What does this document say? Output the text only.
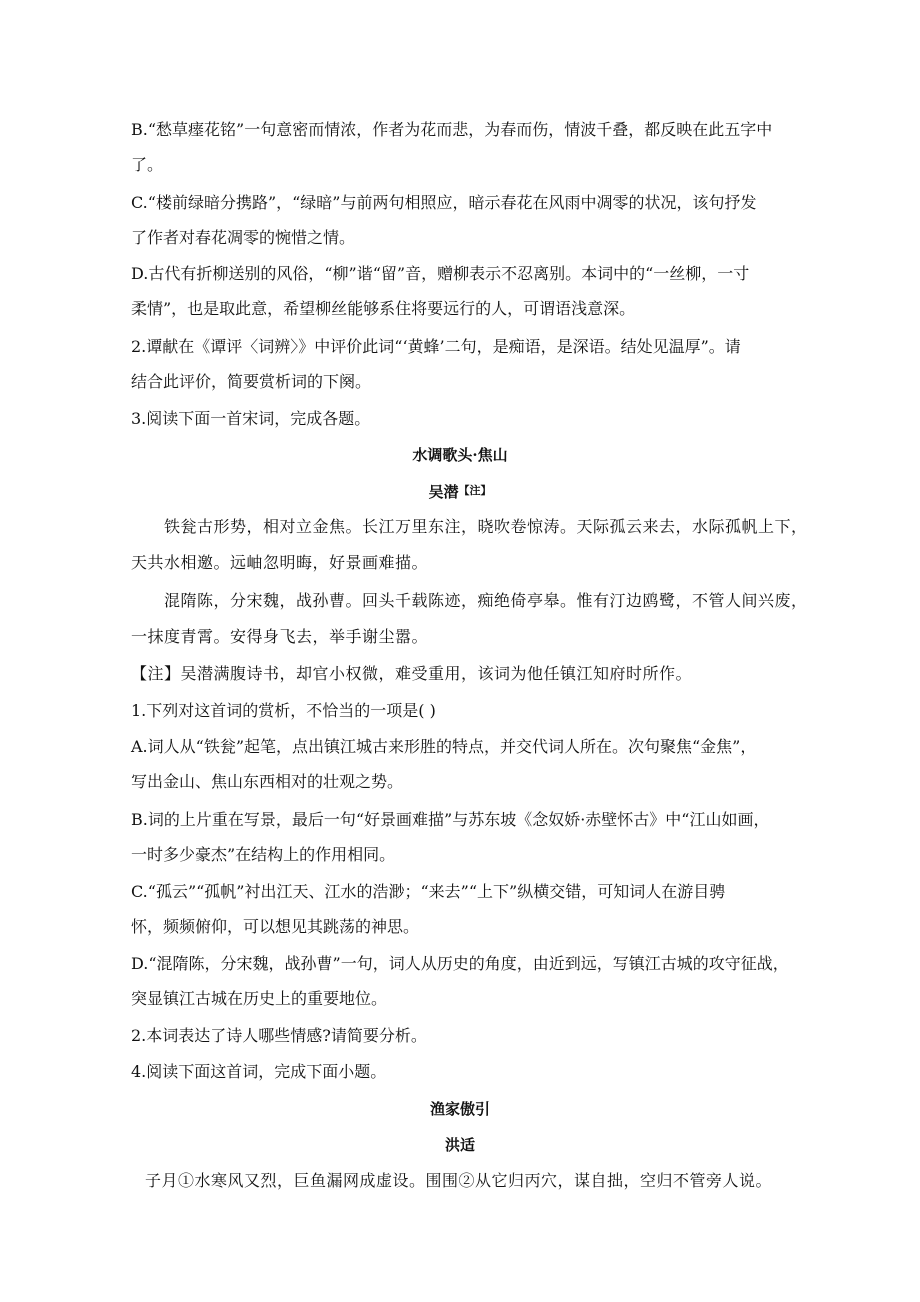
B.“愁草瘗花铭”一句意密而情浓，作者为花而悲，为春而伤，情波千叠，都反映在此五字中
了。
C.“楼前绿暗分携路”，“绿暗”与前两句相照应，暗示春花在风雨中凋零的状况，该句抒发
了作者对春花凋零的惋惜之情。
D.古代有折柳送别的风俗，“柳”谐“留”音，赠柳表示不忍离别。本词中的“一丝柳，一寸
柔情”，也是取此意，希望柳丝能够系住将要远行的人，可谓语浅意深。
2.谭献在《谭评〈词辨〉》中评价此词“‘黄蜂’二句，是痴语，是深语。结处见温厚”。请
结合此评价，简要赏析词的下阕。
3.阅读下面一首宋词，完成各题。
水调歌头·焦山
吴潜$^{【注】}$
铁瓮古形势，相对立金焦。长江万里东注，晓吹卷惊涛。天际孤云来去，水际孤帆上下，
天共水相邀。远岫忽明晦，好景画难描。
混隋陈，分宋魏，战孙曹。回头千载陈迹，痴绝倚亭皋。惟有汀边鸥鹭，不管人间兴废，
一抹度青霄。安得身飞去，举手谢尘嚣。
【注】吴潜满腹诗书，却官小权微，难受重用，该词为他任镇江知府时所作。
1.下列对这首词的赏析，不恰当的一项是( )
A.词人从“铁瓮”起笔，点出镇江城古来形胜的特点，并交代词人所在。次句聚焦“金焦”，
写出金山、焦山东西相对的壮观之势。
B.词的上片重在写景，最后一句“好景画难描”与苏东坡《念奴娇·赤壁怀古》中“江山如画，
一时多少豪杰”在结构上的作用相同。
C.“孤云”“孤帆”衬出江天、江水的浩渺；“来去”“上下”纵横交错，可知词人在游目骋
怀，频频俯仰，可以想见其跳荡的神思。
D.“混隋陈，分宋魏，战孙曹”一句，词人从历史的角度，由近到远，写镇江古城的攻守征战，
突显镇江古城在历史上的重要地位。
2.本词表达了诗人哪些情感?请简要分析。
4.阅读下面这首词，完成下面小题。
渔家傲引
洪适
子月①水寒风又烈，巨鱼漏网成虚设。围围②从它归丙穴，谋自拙，空归不管旁人说。
